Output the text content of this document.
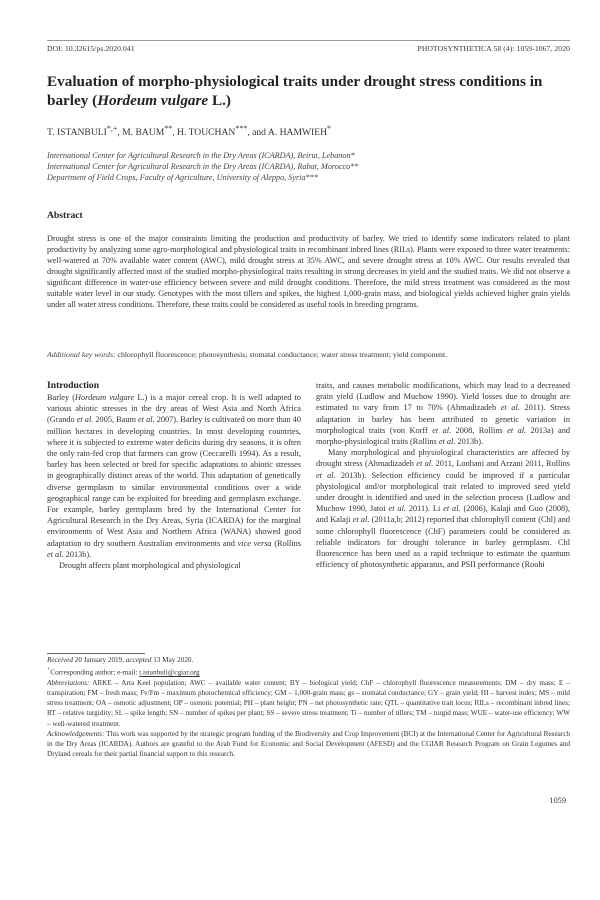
DOI: 10.32615/ps.2020.041	PHOTOSYNTHETICA 58 (4): 1059-1067, 2020
Evaluation of morpho-physiological traits under drought stress conditions in barley (Hordeum vulgare L.)
T. ISTANBULI*,+, M. BAUM**, H. TOUCHAN***, and A. HAMWIEH*
International Center for Agricultural Research in the Dry Areas (ICARDA), Beirut, Lebanon*
International Center for Agricultural Research in the Dry Areas (ICARDA), Rabat, Morocco**
Department of Field Crops, Faculty of Agriculture, University of Aleppo, Syria***
Abstract
Drought stress is one of the major constraints limiting the production and productivity of barley. We tried to identify some indicators related to plant productivity by analyzing some agro-morphological and physiological traits in recombinant inbred lines (RILs). Plants were exposed to three water treatments: well-watered at 70% available water content (AWC), mild drought stress at 35% AWC, and severe drought stress at 10% AWC. Our results revealed that drought significantly affected most of the studied morpho-physiological traits resulting in strong decreases in yield and the studied traits. We did not observe a significant difference in water-use efficiency between severe and mild drought conditions. Therefore, the mild stress treatment was considered as the most suitable water level in our study. Genotypes with the most tillers and spikes, the highest 1,000-grain mass, and biological yields achieved higher grain yields under all water stress conditions. Therefore, these traits could be considered as useful tools in breeding programs.
Additional key words: chlorophyll fluorescence; photosynthesis; stomatal conductance; water stress treatment; yield component.
Introduction

Barley (Hordeum vulgare L.) is a major cereal crop. It is well adapted to various abiotic stresses in the dry areas of West Asia and North Africa (Grando et al. 2005, Baum et al. 2007). Barley is cultivated on more than 40 million hectares in developing countries. In most developing countries, where it is subjected to extreme water deficits during dry seasons, it is often the only rain-fed crop that farmers can grow (Ceccarelli 1994). As a result, barley has been selected or bred for specific adaptations to abiotic stresses in geographically distinct areas of the world. This adaptation of genetically diverse germplasm to similar environmental conditions over a wide geographical range can be exploited for breeding and germplasm exchange. For example, barley germplasm bred by the International Center for Agricultural Research in the Dry Areas, Syria (ICARDA) for the marginal environments of West Asia and Northern Africa (WANA) showed good adaptation to dry southern Australian environments and vice versa (Rollins et al. 2013b).

Drought affects plant morphological and physiological

traits, and causes metabolic modifications, which may lead to a decreased grain yield (Ludlow and Muchow 1990). Yield losses due to drought are estimated to vary from 17 to 70% (Ahmadizadeh et al. 2011). Stress adaptation in barley has been attributed to genetic variation in morphological traits (von Korff et al. 2008, Rollins et al. 2013a) and morpho-physiological traits (Rollins et al. 2013b).

Many morphological and physiological characteristics are affected by drought stress (Ahmadizadeh et al. 2011, Lonbani and Arzani 2011, Rollins et al. 2013b). Selection efficiency could be improved if a particular physiological and/or morphological trait related to improved seed yield under drought is identified and used in the selection process (Ludlow and Muchow 1990, Jatoi et al. 2011). Li et al. (2006), Kalaji and Guo (2008), and Kalaji et al. (2011a,b; 2012) reported that chlorophyll content (Chl) and some chlorophyll fluorescence (ChF) parameters could be considered as reliable indicators for drought tolerance in barley germplasm. Chl fluorescence has been used as a rapid technique to estimate the quantum efficiency of photosynthetic apparatus, and PSII performance (Roohi

Received 20 January 2019, accepted 13 May 2020.

+Corresponding author; e-mail: t.istanbuli@cgiar.org

Abbreviations: ARKE – Arta Keel population; AWC – available water content; BY – biological yield; ChF – chlorophyll fluorescence measurements; DM – dry mass; E – transpiration; FM – fresh mass; Fv/Fm – maximum photochemical efficiency; GM – 1,000-grain mass; gs – stomatal conductance; GY – grain yield; HI – harvest index; MS – mild stress treatment; OA – osmotic adjustment; OP – osmotic potential; PH – plant height; PN – net photosynthetic rate; QTL – quantitative trait locus; RILs – recombinant inbred lines; RT – relative turgidity; SL – spike length; SN – number of spikes per plant; SS – severe stress treatment; Ti – number of tillers; TM – turgid mass; WUE – water-use efficiency; WW – well-watered treatment.

Acknowledgements: This work was supported by the strategic program funding of the Biodiversity and Crop Improvement (BCI) at the International Center for Agricultural Research in the Dry Areas (ICARDA). Authors are grateful to the Arab Fund for Economic and Social Development (AFESD) and the CGIAR Research Program on Grain Legumes and Dryland cereals for their partial financial support to this research.

1059
